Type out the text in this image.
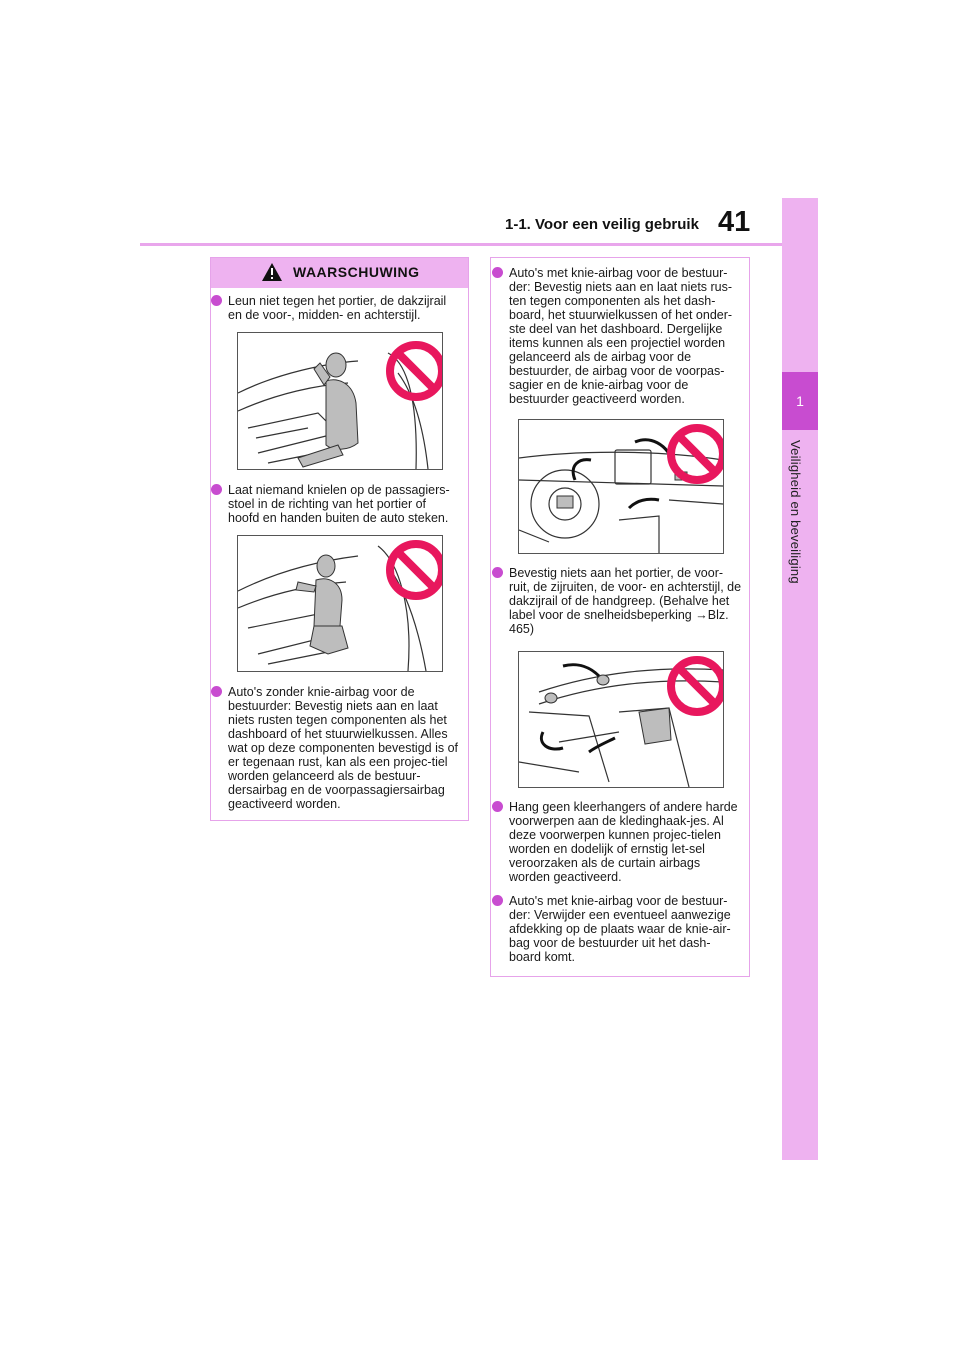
1-1. Voor een veilig gebruik 41
1
Veiligheid en beveiliging
WAARSCHUWING
Leun niet tegen het portier, de dakzijrail en de voor-, midden- en achterstijl.
Laat niemand knielen op de passagiers-stoel in de richting van het portier of hoofd en handen buiten de auto steken.
Auto's zonder knie-airbag voor de bestuurder: Bevestig niets aan en laat niets rusten tegen componenten als het dashboard of het stuurwielkussen. Alles wat op deze componenten bevestigd is of er tegenaan rust, kan als een projec-tiel worden gelanceerd als de bestuur-dersairbag en de voorpassagiersairbag geactiveerd worden.
Auto's met knie-airbag voor de bestuur-der: Bevestig niets aan en laat niets rus-ten tegen componenten als het dash-board, het stuurwielkussen of het onder-ste deel van het dashboard. Dergelijke items kunnen als een projectiel worden gelanceerd als de airbag voor de bestuurder, de airbag voor de voorpas-sagier en de knie-airbag voor de bestuurder geactiveerd worden.
Bevestig niets aan het portier, de voor-ruit, de zijruiten, de voor- en achterstijl, de dakzijrail of de handgreep. (Behalve het label voor de snelheidsbeperking →Blz. 465)
Hang geen kleerhangers of andere harde voorwerpen aan de kledinghaak-jes. Al deze voorwerpen kunnen projec-tielen worden en dodelijk of ernstig let-sel veroorzaken als de curtain airbags worden geactiveerd.
Auto's met knie-airbag voor de bestuur-der: Verwijder een eventueel aanwezige afdekking op de plaats waar de knie-air-bag voor de bestuurder uit het dash-board komt.
